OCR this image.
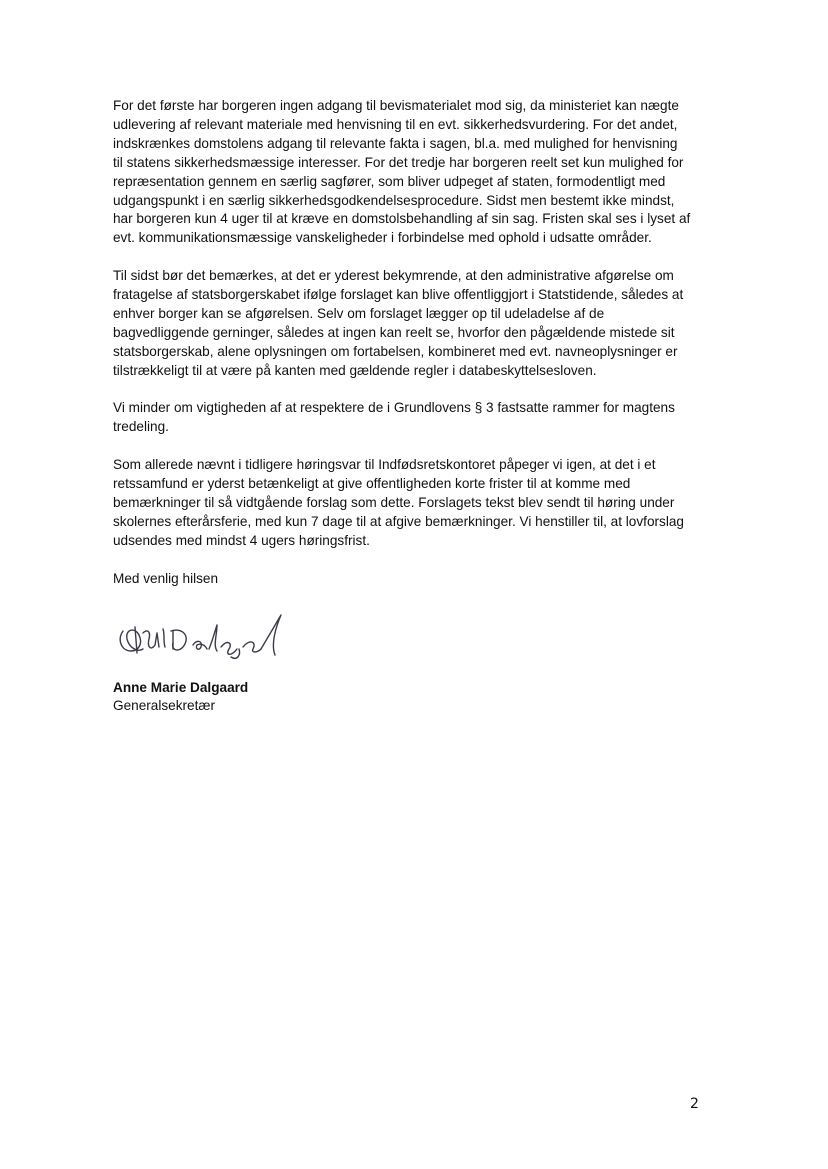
For det første har borgeren ingen adgang til bevismaterialet mod sig, da ministeriet kan nægte
udlevering af relevant materiale med henvisning til en evt. sikkerhedsvurdering. For det andet,
indskrænkes domstolens adgang til relevante fakta i sagen, bl.a. med mulighed for henvisning
til statens sikkerhedsmæssige interesser. For det tredje har borgeren reelt set kun mulighed for
repræsentation gennem en særlig sagfører, som bliver udpeget af staten, formodentligt med
udgangspunkt i en særlig sikkerhedsgodkendelsesprocedure. Sidst men bestemt ikke mindst,
har borgeren kun 4 uger til at kræve en domstolsbehandling af sin sag. Fristen skal ses i lyset af
evt. kommunikationsmæssige vanskeligheder i forbindelse med ophold i udsatte områder.

Til sidst bør det bemærkes, at det er yderest bekymrende, at den administrative afgørelse om
fratagelse af statsborgerskabet ifølge forslaget kan blive offentliggjort i Statstidende, således at
enhver borger kan se afgørelsen. Selv om forslaget lægger op til udeladelse af de
bagvedliggende gerninger, således at ingen kan reelt se, hvorfor den pågældende mistede sit
statsborgerskab, alene oplysningen om fortabelsen, kombineret med evt. navneoplysninger er
tilstrækkeligt til at være på kanten med gældende regler i databeskyttelsesloven.

Vi minder om vigtigheden af at respektere de i Grundlovens § 3 fastsatte rammer for magtens
tredeling.

Som allerede nævnt i tidligere høringsvar til Indfødsretskontoret påpeger vi igen, at det i et
retssamfund er yderst betænkeligt at give offentligheden korte frister til at komme med
bemærkninger til så vidtgående forslag som dette. Forslagets tekst blev sendt til høring under
skolernes efterårsferie, med kun 7 dage til at afgive bemærkninger. Vi henstiller til, at lovforslag
udsendes med mindst 4 ugers høringsfrist.

Med venlig hilsen

Anne Marie Dalgaard

Generalsekretær

2
